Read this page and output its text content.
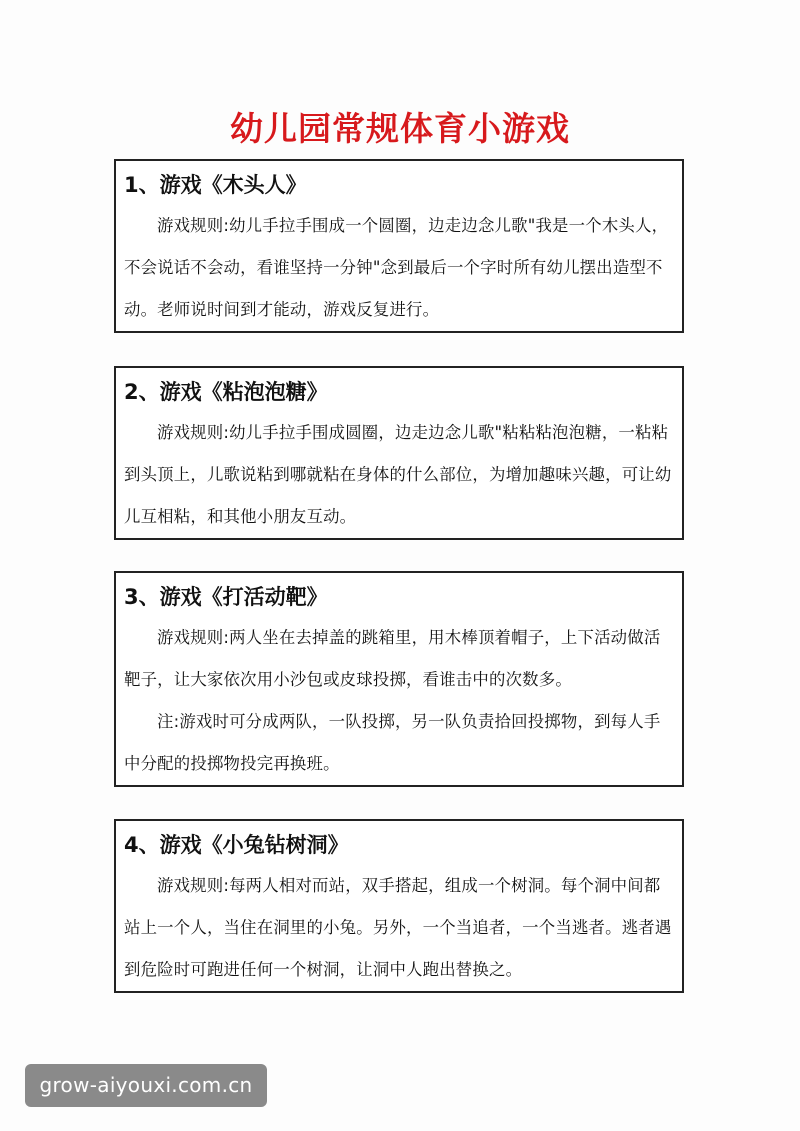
幼儿园常规体育小游戏
1、游戏《木头人》

游戏规则:幼儿手拉手围成一个圆圈，边走边念儿歌"我是一个木头人，不会说话不会动，看谁坚持一分钟"念到最后一个字时所有幼儿摆出造型不动。老师说时间到才能动，游戏反复进行。

2、游戏《粘泡泡糖》

游戏规则:幼儿手拉手围成圆圈，边走边念儿歌"粘粘粘泡泡糖，一粘粘到头顶上，儿歌说粘到哪就粘在身体的什么部位，为增加趣味兴趣，可让幼儿互相粘，和其他小朋友互动。

3、游戏《打活动靶》

游戏规则:两人坐在去掉盖的跳箱里，用木棒顶着帽子，上下活动做活靶子，让大家依次用小沙包或皮球投掷，看谁击中的次数多。

注:游戏时可分成两队，一队投掷，另一队负责拾回投掷物，到每人手中分配的投掷物投完再换班。

4、游戏《小兔钻树洞》

游戏规则:每两人相对而站，双手搭起，组成一个树洞。每个洞中间都站上一个人，当住在洞里的小兔。另外，一个当追者，一个当逃者。逃者遇到危险时可跑进任何一个树洞，让洞中人跑出替换之。

grow-aiyouxi.com.cn
